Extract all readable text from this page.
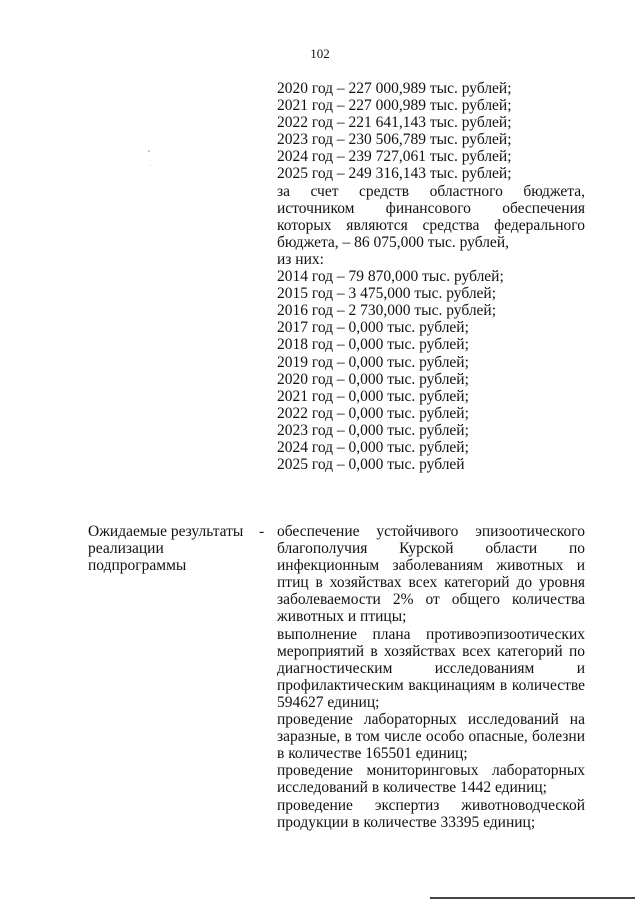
102
2020 год – 227 000,989 тыс. рублей;
2021 год – 227 000,989 тыс. рублей;
2022 год – 221 641,143 тыс. рублей;
2023 год – 230 506,789 тыс. рублей;
2024 год – 239 727,061 тыс. рублей;
2025 год – 249 316,143 тыс. рублей;
за счет средств областного бюджета, источником финансового обеспечения которых являются средства федерального бюджета, – 86 075,000 тыс. рублей,
из них:
2014 год – 79 870,000 тыс. рублей;
2015 год – 3 475,000 тыс. рублей;
2016 год – 2 730,000 тыс. рублей;
2017 год – 0,000 тыс. рублей;
2018 год – 0,000 тыс. рублей;
2019 год – 0,000 тыс. рублей;
2020 год – 0,000 тыс. рублей;
2021 год – 0,000 тыс. рублей;
2022 год – 0,000 тыс. рублей;
2023 год – 0,000 тыс. рублей;
2024 год – 0,000 тыс. рублей;
2025 год – 0,000 тыс. рублей
Ожидаемые результаты реализации подпрограммы
- обеспечение устойчивого эпизоотического благополучия Курской области по инфекционным заболеваниям животных и птиц в хозяйствах всех категорий до уровня заболеваемости 2% от общего количества животных и птицы;
выполнение плана противоэпизоотических мероприятий в хозяйствах всех категорий по диагностическим исследованиям и профилактическим вакцинациям в количестве 594627 единиц;
проведение лабораторных исследований на заразные, в том числе особо опасные, болезни в количестве 165501 единиц;
проведение мониторинговых лабораторных исследований в количестве 1442 единиц;
проведение экспертиз животноводческой продукции в количестве 33395 единиц;
